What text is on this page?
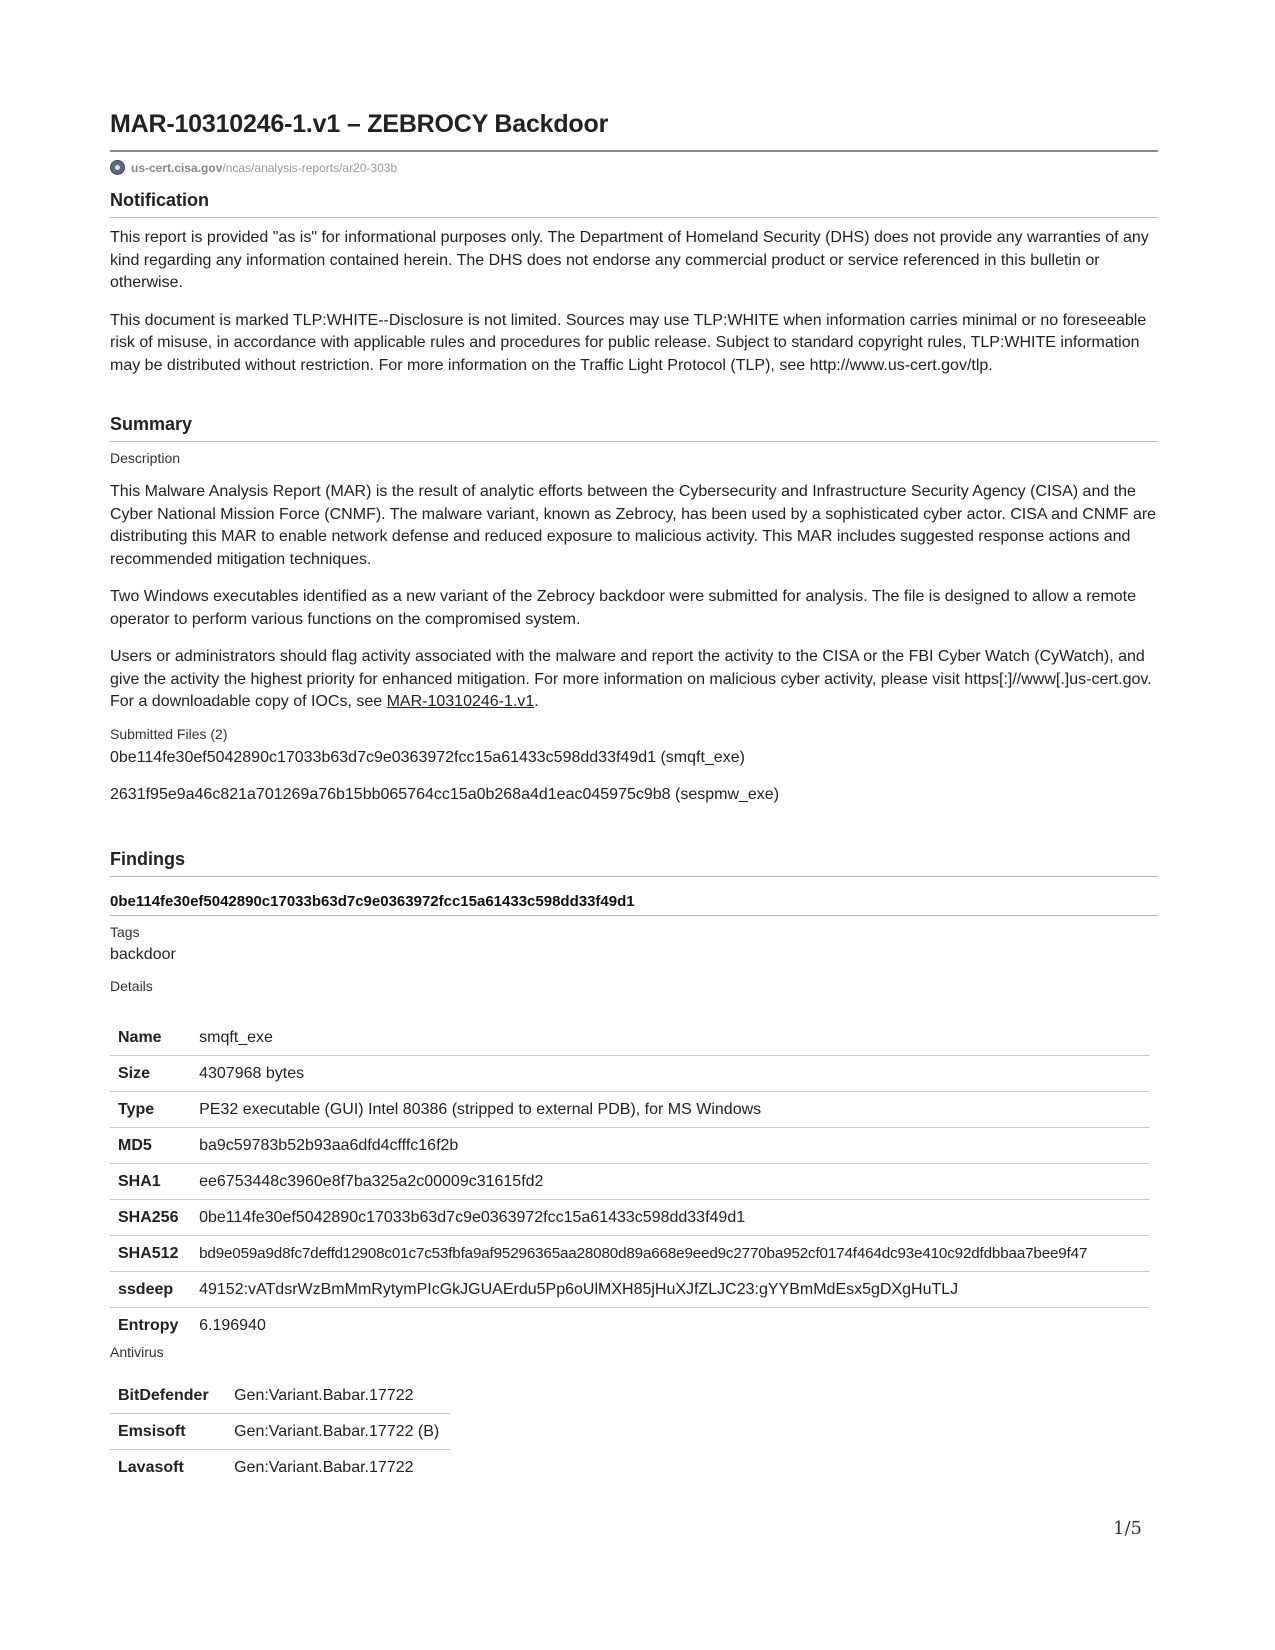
MAR-10310246-1.v1 – ZEBROCY Backdoor
us-cert.cisa.gov /ncas/analysis-reports/ar20-303b
Notification

This report is provided "as is" for informational purposes only. The Department of Homeland Security (DHS) does not provide any warranties of any kind regarding any information contained herein. The DHS does not endorse any commercial product or service referenced in this bulletin or otherwise.

This document is marked TLP:WHITE--Disclosure is not limited. Sources may use TLP:WHITE when information carries minimal or no foreseeable risk of misuse, in accordance with applicable rules and procedures for public release. Subject to standard copyright rules, TLP:WHITE information may be distributed without restriction. For more information on the Traffic Light Protocol (TLP), see http://www.us-cert.gov/tlp.

Summary
Description

This Malware Analysis Report (MAR) is the result of analytic efforts between the Cybersecurity and Infrastructure Security Agency (CISA) and the Cyber National Mission Force (CNMF). The malware variant, known as Zebrocy, has been used by a sophisticated cyber actor. CISA and CNMF are distributing this MAR to enable network defense and reduced exposure to malicious activity. This MAR includes suggested response actions and recommended mitigation techniques.

Two Windows executables identified as a new variant of the Zebrocy backdoor were submitted for analysis. The file is designed to allow a remote operator to perform various functions on the compromised system.

Users or administrators should flag activity associated with the malware and report the activity to the CISA or the FBI Cyber Watch (CyWatch), and give the activity the highest priority for enhanced mitigation. For more information on malicious cyber activity, please visit https[:]//www[.]us-cert.gov.

For a downloadable copy of IOCs, see MAR-10310246-1.v1.

Submitted Files (2)

0be114fe30ef5042890c17033b63d7c9e0363972fcc15a61433c598dd33f49d1 (smqft_exe)

2631f95e9a46c821a701269a76b15bb065764cc15a0b268a4d1eac045975c9b8 (sespmw_exe)

Findings
0be114fe30ef5042890c17033b63d7c9e0363972fcc15a61433c598dd33f49d1
Tags

backdoor

Details
Name	smqft_exe
Size	4307968 bytes
Type	PE32 executable (GUI) Intel 80386 (stripped to external PDB), for MS Windows
MD5	ba9c59783b52b93aa6dfd4cfffc16f2b
SHA1	ee6753448c3960e8f7ba325a2c00009c31615fd2
SHA256	0be114fe30ef5042890c17033b63d7c9e0363972fcc15a61433c598dd33f49d1
SHA512	bd9e059a9d8fc7deffd12908c01c7c53fbfa9af95296365aa28080d89a668e9eed9c2770ba952cf0174f464dc93e410c92dfdbbaa7bee9f47
ssdeep	49152:vATdsrWzBmMmRytymPIcGkJGUAErdu5Pp6oUlMXH85jHuXJfZLJC23:gYYBmMdEsx5gDXgHuTLJ
Entropy	6.196940
Antivirus
BitDefender	Gen:Variant.Babar.17722
Emsisoft	Gen:Variant.Babar.17722 (B)
Lavasoft	Gen:Variant.Babar.17722
1/5
